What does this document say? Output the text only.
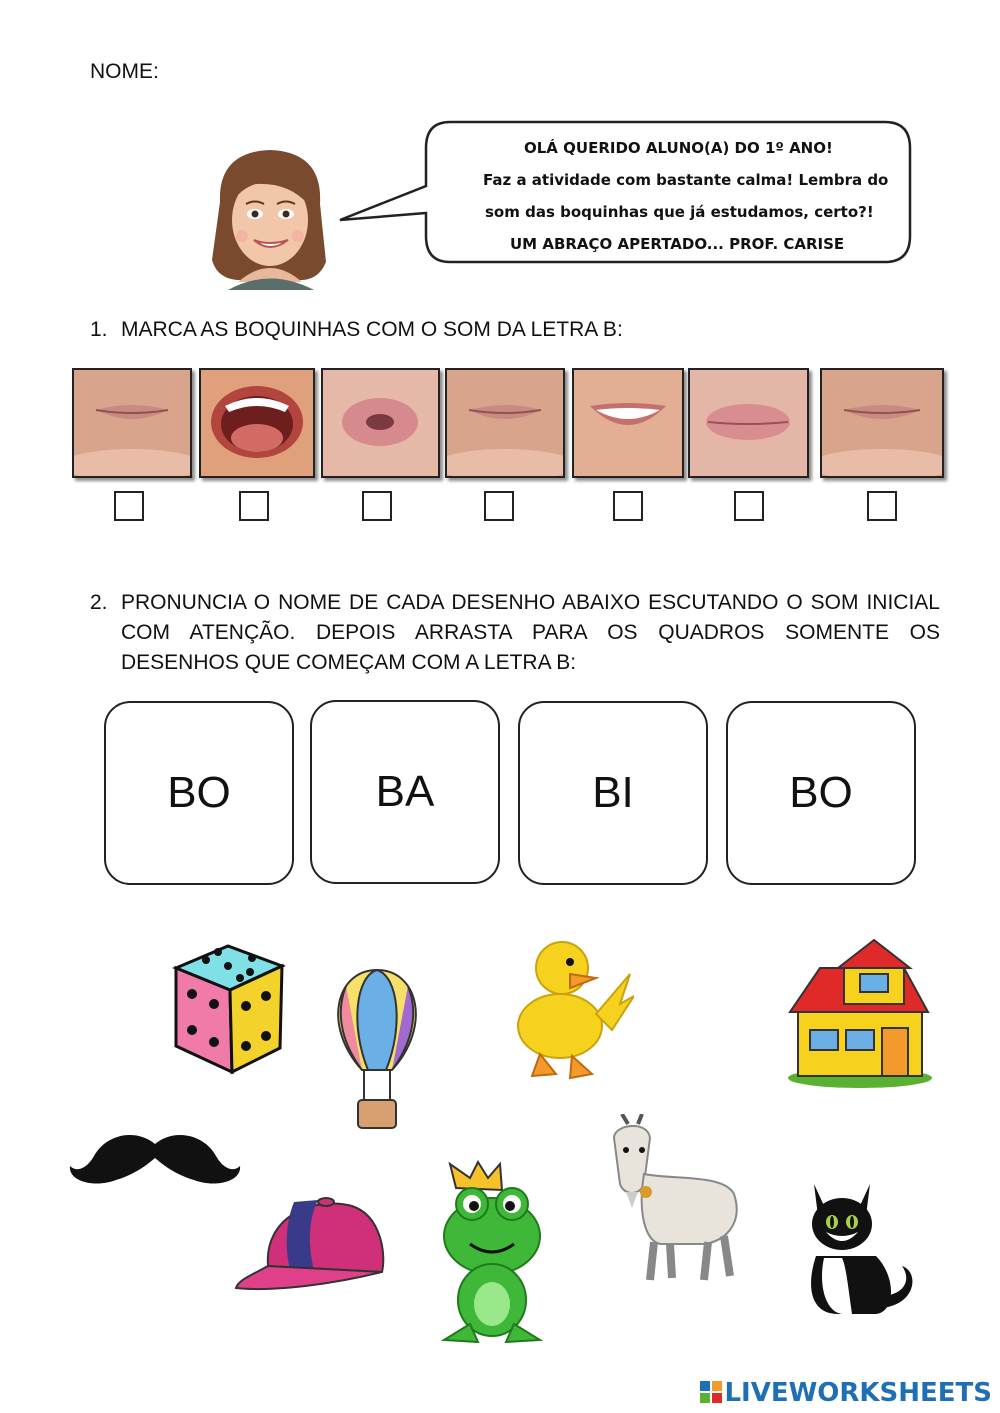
NOME:
OLÁ QUERIDO ALUNO(A) DO 1º ANO!
Faz a atividade com bastante calma! Lembra do
som das boquinhas que já estudamos, certo?!
UM ABRAÇO APERTADO... PROF. CARISE
1. MARCA AS BOQUINHAS COM O SOM DA LETRA B:
2. PRONUNCIA O NOME DE CADA DESENHO ABAIXO ESCUTANDO O SOM INICIAL COM ATENÇÃO. DEPOIS ARRASTA PARA OS QUADROS SOMENTE OS DESENHOS QUE COMEÇAM COM A LETRA B:
BO	BA	BI	BO
LIVEWORKSHEETS
